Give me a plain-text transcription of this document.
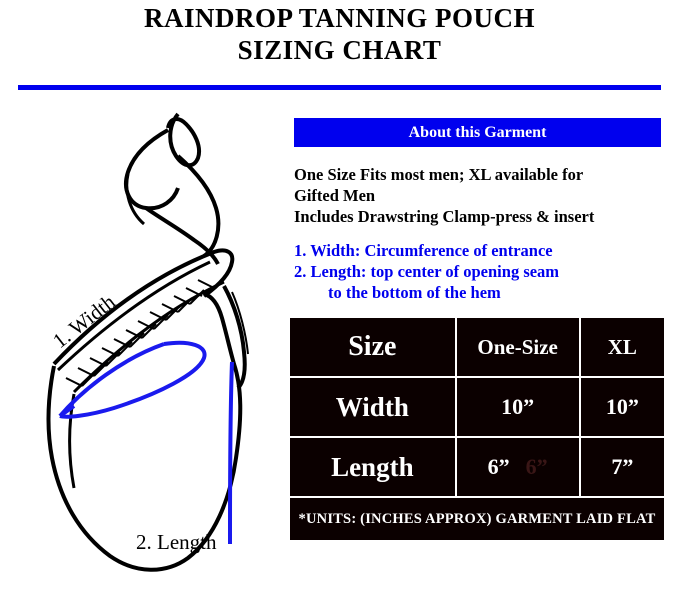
RAINDROP TANNING POUCH
SIZING CHART
1. Width
2. Length
About this Garment
One Size Fits most men; XL available for
Gifted Men
Includes Drawstring Clamp-press & insert
1. Width: Circumference of entrance
2. Length: top center of opening seam
to the bottom of the hem
Size	One-Size	XL
Width	10”	10”
Length	6” 6”	7”
*UNITS: (INCHES APPROX) GARMENT LAID FLAT		
